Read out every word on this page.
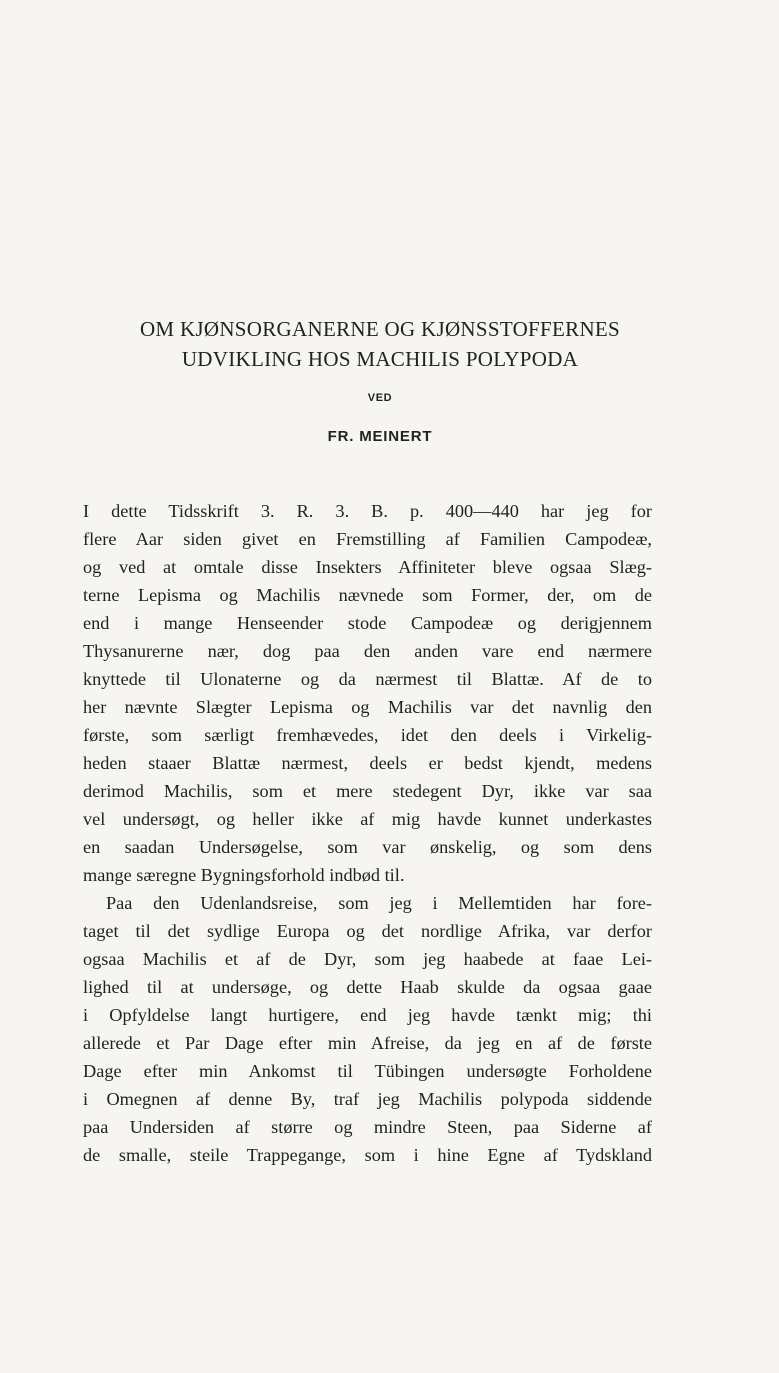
OM KJØNSORGANERNE OG KJØNSSTOFFERNES
UDVIKLING HOS MACHILIS POLYPODA
VED
FR. MEINERT
I dette Tidsskrift 3. R. 3. B. p. 400—440 har jeg for
flere Aar siden givet en Fremstilling af Familien Campodeæ,
og ved at omtale disse Insekters Affiniteter bleve ogsaa Slæg-
terne Lepisma og Machilis nævnede som Former, der, om de
end i mange Henseender stode Campodeæ og derigjennem
Thysanurerne nær, dog paa den anden vare end nærmere
knyttede til Ulonaterne og da nærmest til Blattæ. Af de to
her nævnte Slægter Lepisma og Machilis var det navnlig den
første, som særligt fremhævedes, idet den deels i Virkelig-
heden staaer Blattæ nærmest, deels er bedst kjendt, medens
derimod Machilis, som et mere stedegent Dyr, ikke var saa
vel undersøgt, og heller ikke af mig havde kunnet underkastes
en saadan Undersøgelse, som var ønskelig, og som dens
mange særegne Bygningsforhold indbød til.
Paa den Udenlandsreise, som jeg i Mellemtiden har fore-
taget til det sydlige Europa og det nordlige Afrika, var derfor
ogsaa Machilis et af de Dyr, som jeg haabede at faae Lei-
lighed til at undersøge, og dette Haab skulde da ogsaa gaae
i Opfyldelse langt hurtigere, end jeg havde tænkt mig; thi
allerede et Par Dage efter min Afreise, da jeg en af de første
Dage efter min Ankomst til Tübingen undersøgte Forholdene
i Omegnen af denne By, traf jeg Machilis polypoda siddende
paa Undersiden af større og mindre Steen, paa Siderne af
de smalle, steile Trappegange, som i hine Egne af Tydskland
